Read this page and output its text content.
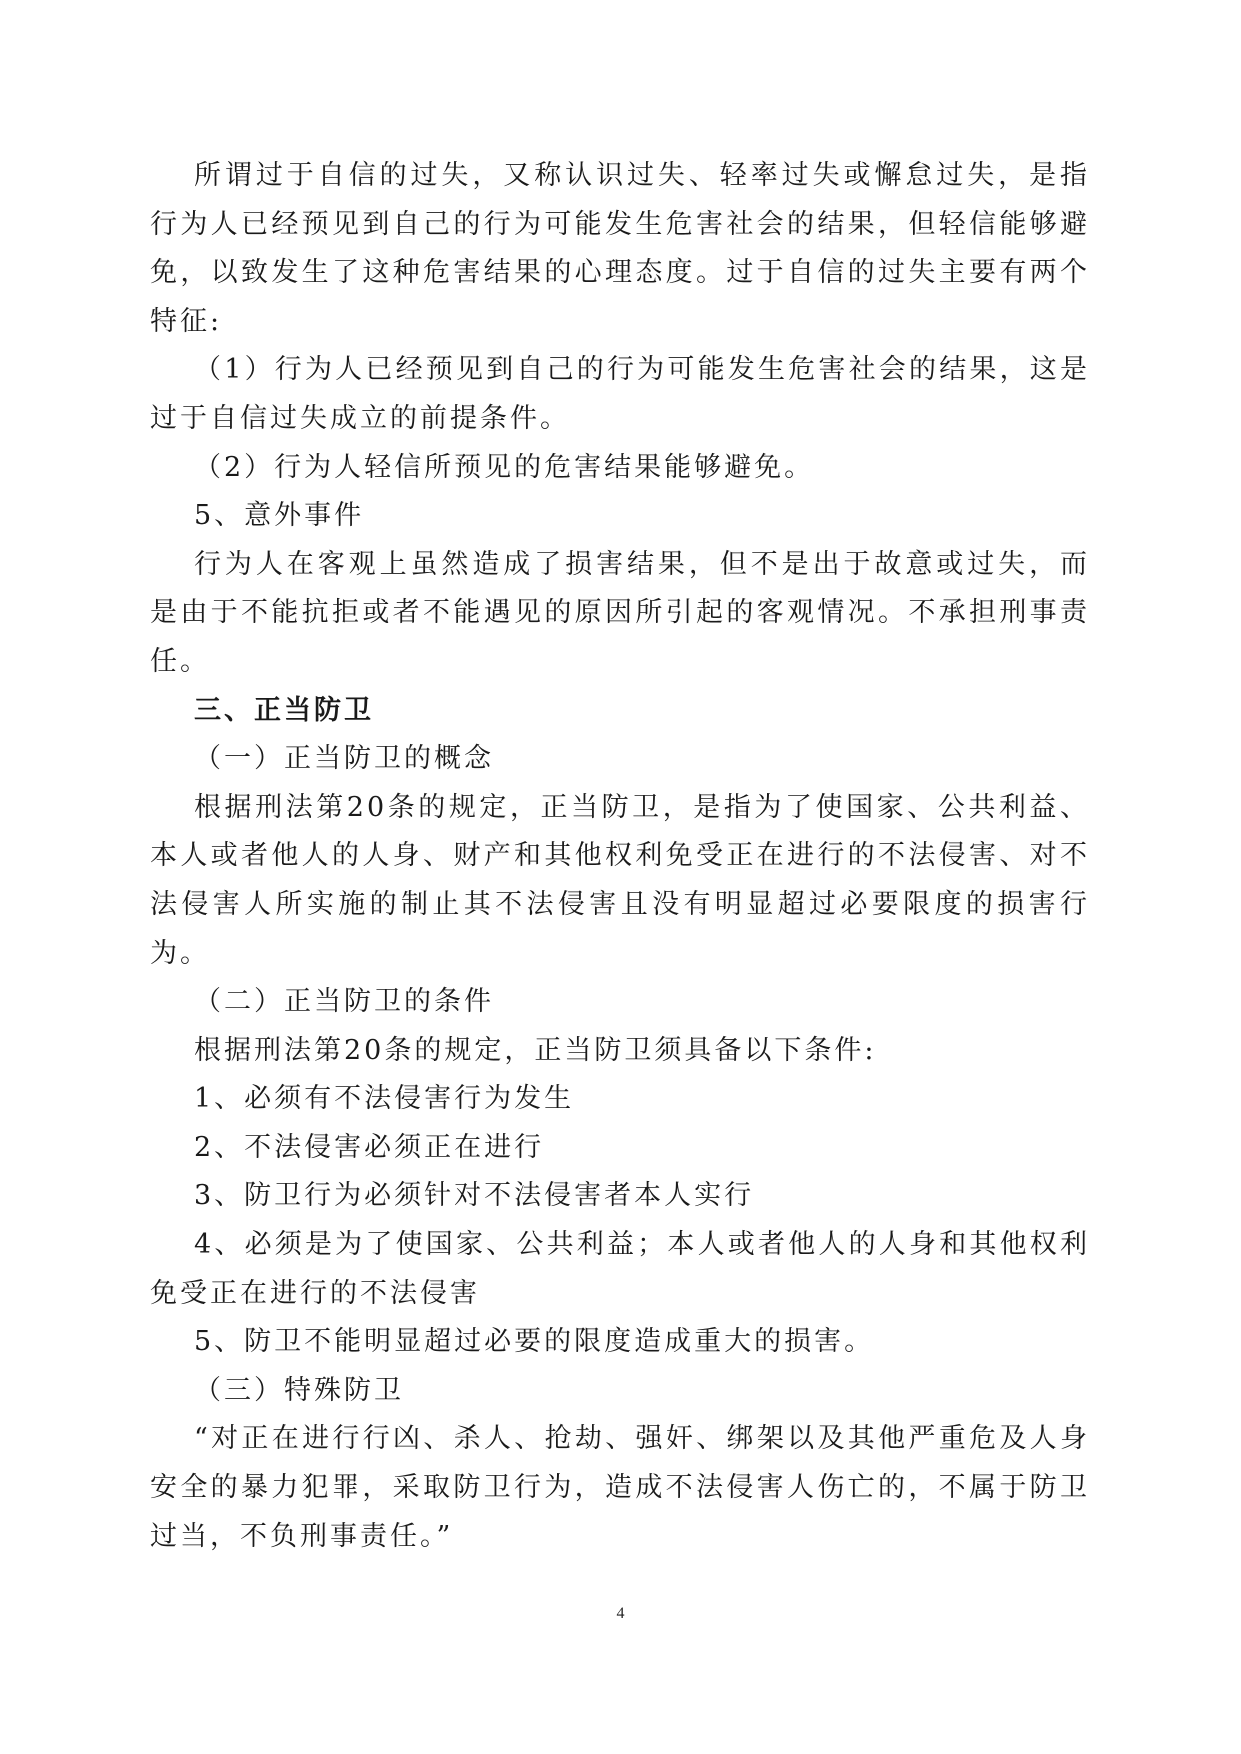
所谓过于自信的过失，又称认识过失、轻率过失或懈怠过失，是指行为人已经预见到自己的行为可能发生危害社会的结果，但轻信能够避免，以致发生了这种危害结果的心理态度。过于自信的过失主要有两个特征:

（1）行为人已经预见到自己的行为可能发生危害社会的结果，这是过于自信过失成立的前提条件。

（2）行为人轻信所预见的危害结果能够避免。

5、意外事件

行为人在客观上虽然造成了损害结果，但不是出于故意或过失，而是由于不能抗拒或者不能遇见的原因所引起的客观情况。不承担刑事责任。

三、正当防卫

（一）正当防卫的概念

根据刑法第20条的规定，正当防卫，是指为了使国家、公共利益、本人或者他人的人身、财产和其他权利免受正在进行的不法侵害、对不法侵害人所实施的制止其不法侵害且没有明显超过必要限度的损害行为。

（二）正当防卫的条件

根据刑法第20条的规定，正当防卫须具备以下条件:

1、必须有不法侵害行为发生

2、不法侵害必须正在进行

3、防卫行为必须针对不法侵害者本人实行

4、必须是为了使国家、公共利益；本人或者他人的人身和其他权利免受正在进行的不法侵害

5、防卫不能明显超过必要的限度造成重大的损害。

（三）特殊防卫

“对正在进行行凶、杀人、抢劫、强奸、绑架以及其他严重危及人身安全的暴力犯罪，采取防卫行为，造成不法侵害人伤亡的，不属于防卫过当，不负刑事责任。”

4
